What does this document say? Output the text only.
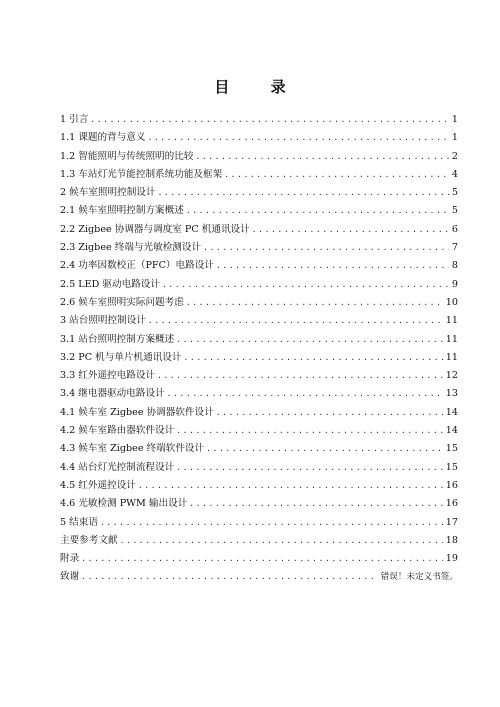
目 录
1 引言 .....	1
1.1 课题的背与意义 .....	1
1.2 智能照明与传统照明的比较 .....	2
1.3 车站灯光节能控制系统功能及框架 .....	4
2 候车室照明控制设计 .....	5
2.1 候车室照明控制方案概述 .....	5
2.2 Zigbee 协调器与调度室 PC 机通讯设计 .....	6
2.3 Zigbee 终端与光敏检测设计 .....	7
2.4 功率因数校正（PFC）电路设计 .....	8
2.5 LED 驱动电路设计 .....	9
2.6 候车室照明实际问题考虑 .....	10
3 站台照明控制设计 .....	11
3.1 站台照明控制方案概述 .....	11
3.2 PC 机与单片机通讯设计 .....	11
3.3 红外遥控电路设计 .....	12
3.4 继电器驱动电路设计 .....	13
4.1 候车室 Zigbee 协调器软件设计 .....	14
4.2 候车室路由器软件设计 .....	14
4.3 候车室 Zigbee 终端软件设计 .....	15
4.4 站台灯光控制流程设计 .....	15
4.5 红外遥控设计 .....	16
4.6 光敏检测 PWM 输出设计 .....	16
5 结束语 .....	17
主要参考文献 .....	18
附录 .....	19
致谢 .....	错误！未定义书签。
